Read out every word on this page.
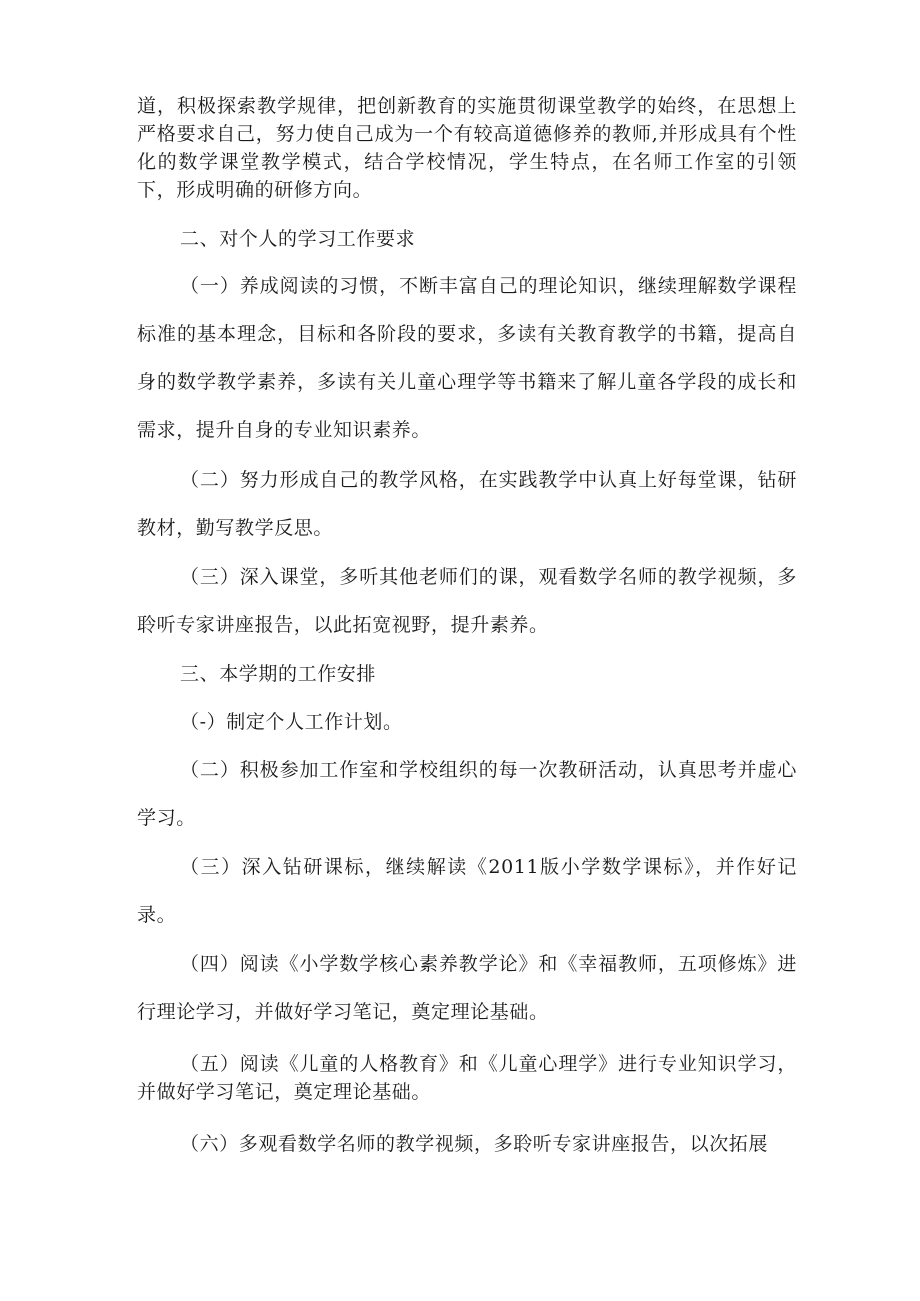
道，积极探索教学规律，把创新教育的实施贯彻课堂教学的始终，在思想上严格要求自己，努力使自己成为一个有较高道德修养的教师,并形成具有个性化的数学课堂教学模式，结合学校情况，学生特点，在名师工作室的引领下，形成明确的研修方向。

二、对个人的学习工作要求

（一）养成阅读的习惯，不断丰富自己的理论知识，继续理解数学课程标准的基本理念，目标和各阶段的要求，多读有关教育教学的书籍，提高自身的数学教学素养，多读有关儿童心理学等书籍来了解儿童各学段的成长和需求，提升自身的专业知识素养。

（二）努力形成自己的教学风格，在实践教学中认真上好每堂课，钻研教材，勤写教学反思。

（三）深入课堂，多听其他老师们的课，观看数学名师的教学视频，多聆听专家讲座报告，以此拓宽视野，提升素养。

三、本学期的工作安排

（-）制定个人工作计划。

（二）积极参加工作室和学校组织的每一次教研活动，认真思考并虚心学习。

（三）深入钻研课标，继续解读《2011版小学数学课标》，并作好记录。

（四）阅读《小学数学核心素养教学论》和《幸福教师，五项修炼》进行理论学习，并做好学习笔记，奠定理论基础。

（五）阅读《儿童的人格教育》和《儿童心理学》进行专业知识学习，并做好学习笔记，奠定理论基础。

（六）多观看数学名师的教学视频，多聆听专家讲座报告，以次拓展
